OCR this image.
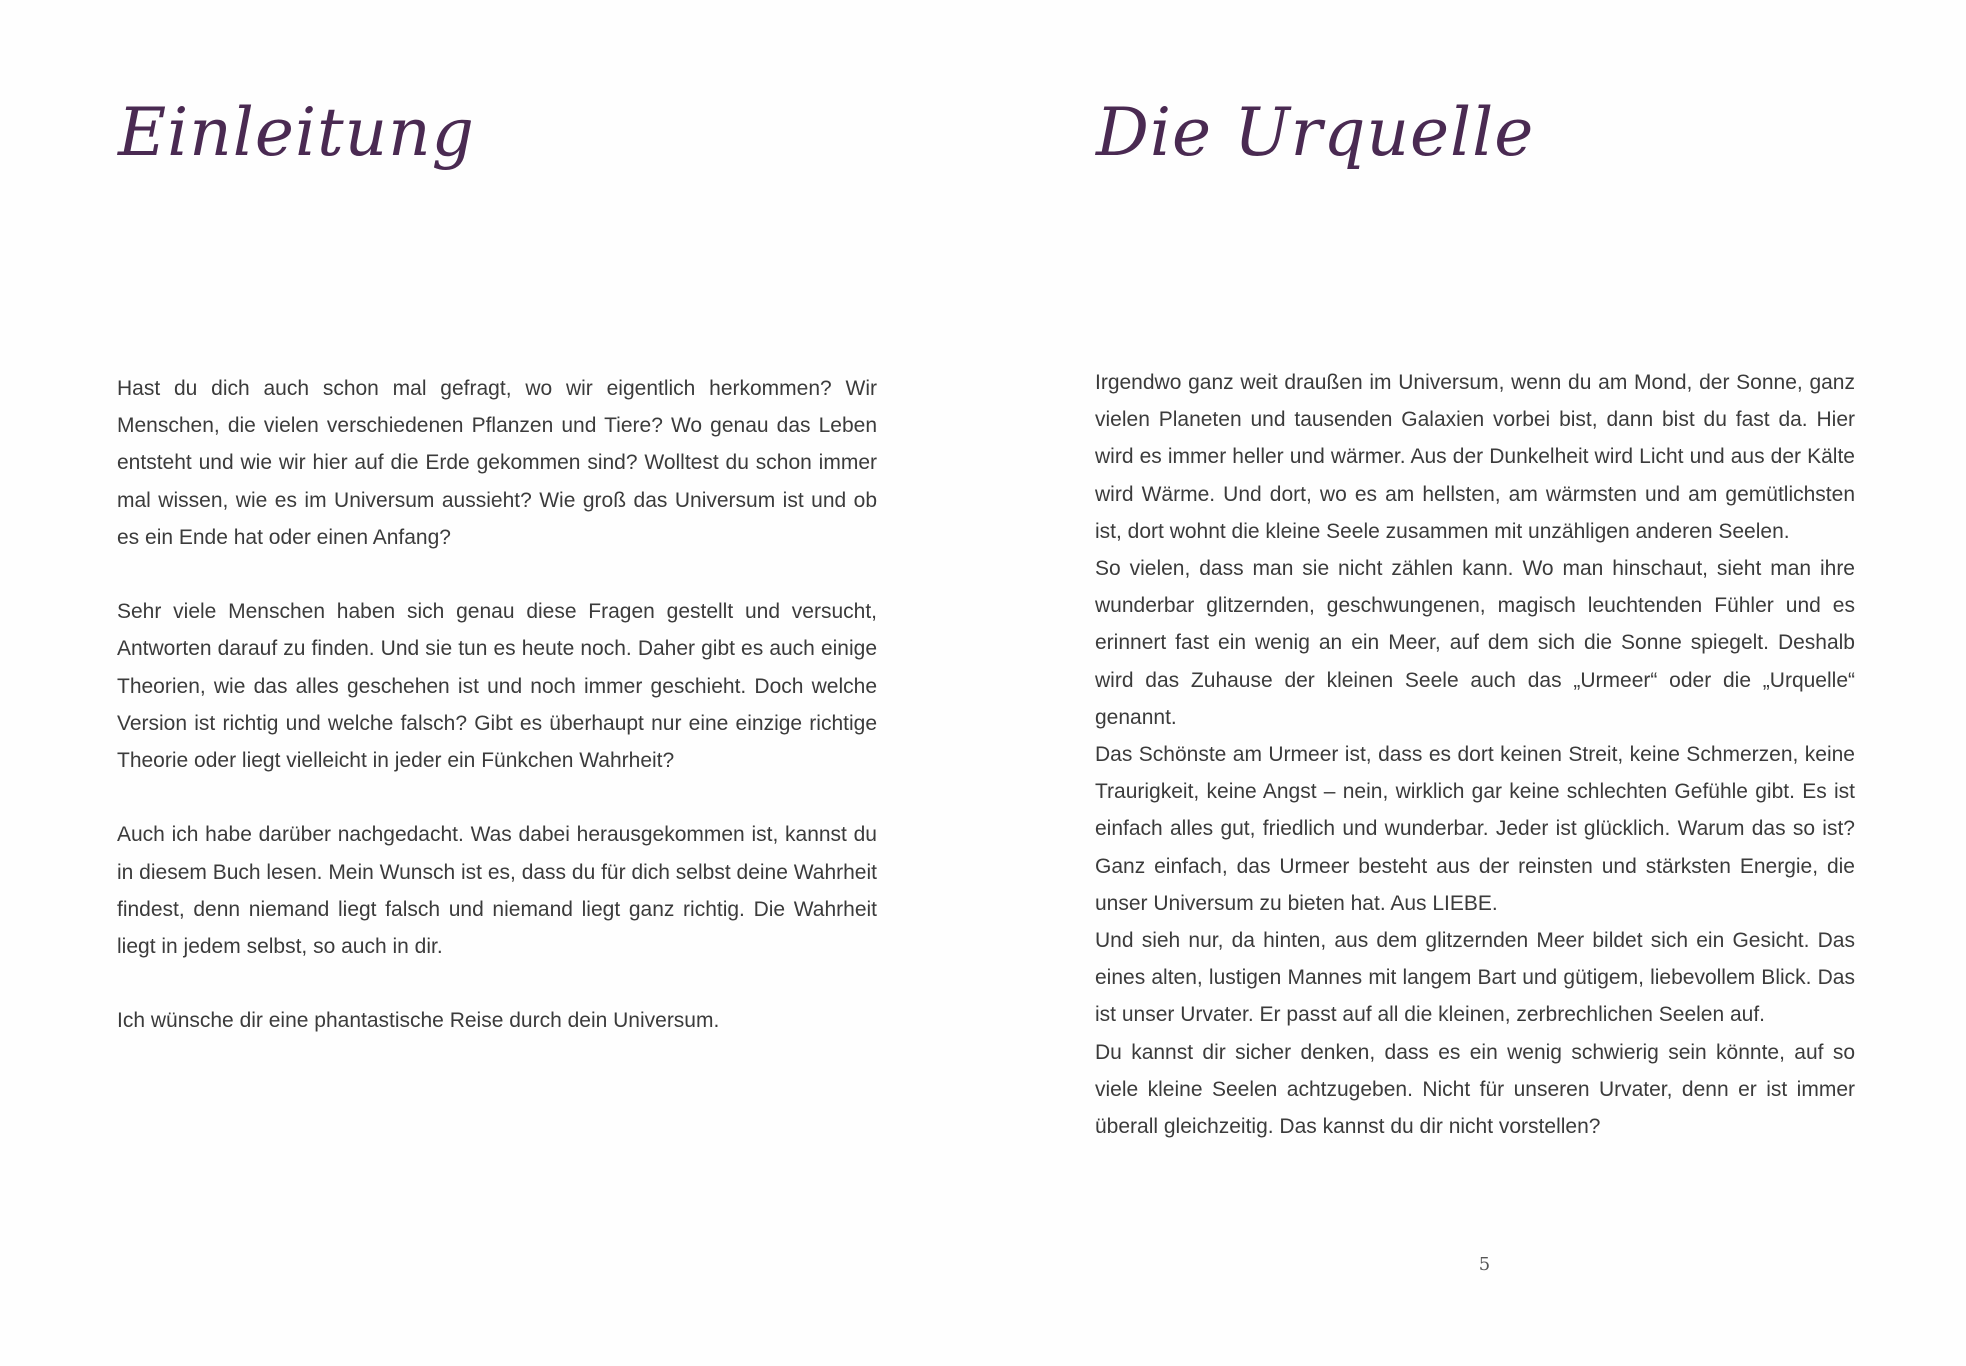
Einleitung

Hast du dich auch schon mal gefragt, wo wir eigentlich herkommen? Wir Menschen, die vielen verschiedenen Pflanzen und Tiere? Wo genau das Leben entsteht und wie wir hier auf die Erde gekommen sind? Wolltest du schon immer mal wissen, wie es im Universum aussieht? Wie groß das Universum ist und ob es ein Ende hat oder einen Anfang?

Sehr viele Menschen haben sich genau diese Fragen gestellt und versucht, Antworten darauf zu finden. Und sie tun es heute noch. Daher gibt es auch einige Theorien, wie das alles geschehen ist und noch immer geschieht. Doch welche Version ist richtig und welche falsch? Gibt es überhaupt nur eine einzige richtige Theorie oder liegt vielleicht in jeder ein Fünkchen Wahrheit?

Auch ich habe darüber nachgedacht. Was dabei herausgekommen ist, kannst du in diesem Buch lesen. Mein Wunsch ist es, dass du für dich selbst deine Wahrheit findest, denn niemand liegt falsch und niemand liegt ganz richtig. Die Wahrheit liegt in jedem selbst, so auch in dir.

Ich wünsche dir eine phantastische Reise durch dein Universum.

Die Urquelle

Irgendwo ganz weit draußen im Universum, wenn du am Mond, der Sonne, ganz vielen Planeten und tausenden Galaxien vorbei bist, dann bist du fast da. Hier wird es immer heller und wärmer. Aus der Dunkelheit wird Licht und aus der Kälte wird Wärme. Und dort, wo es am hellsten, am wärmsten und am gemütlichsten ist, dort wohnt die kleine Seele zusammen mit unzähligen anderen Seelen.

So vielen, dass man sie nicht zählen kann. Wo man hinschaut, sieht man ihre wunderbar glitzernden, geschwungenen, magisch leuchtenden Fühler und es erinnert fast ein wenig an ein Meer, auf dem sich die Sonne spiegelt. Deshalb wird das Zuhause der kleinen Seele auch das „Urmeer“ oder die „Urquelle“ genannt.

Das Schönste am Urmeer ist, dass es dort keinen Streit, keine Schmerzen, keine Traurigkeit, keine Angst – nein, wirklich gar keine schlechten Gefühle gibt. Es ist einfach alles gut, friedlich und wunderbar. Jeder ist glücklich. Warum das so ist? Ganz einfach, das Urmeer besteht aus der reinsten und stärksten Energie, die unser Universum zu bieten hat. Aus LIEBE.

Und sieh nur, da hinten, aus dem glitzernden Meer bildet sich ein Gesicht. Das eines alten, lustigen Mannes mit langem Bart und gütigem, liebevollem Blick. Das ist unser Urvater. Er passt auf all die kleinen, zerbrechlichen Seelen auf.

Du kannst dir sicher denken, dass es ein wenig schwierig sein könnte, auf so viele kleine Seelen achtzugeben. Nicht für unseren Urvater, denn er ist immer überall gleichzeitig. Das kannst du dir nicht vorstellen?

5
